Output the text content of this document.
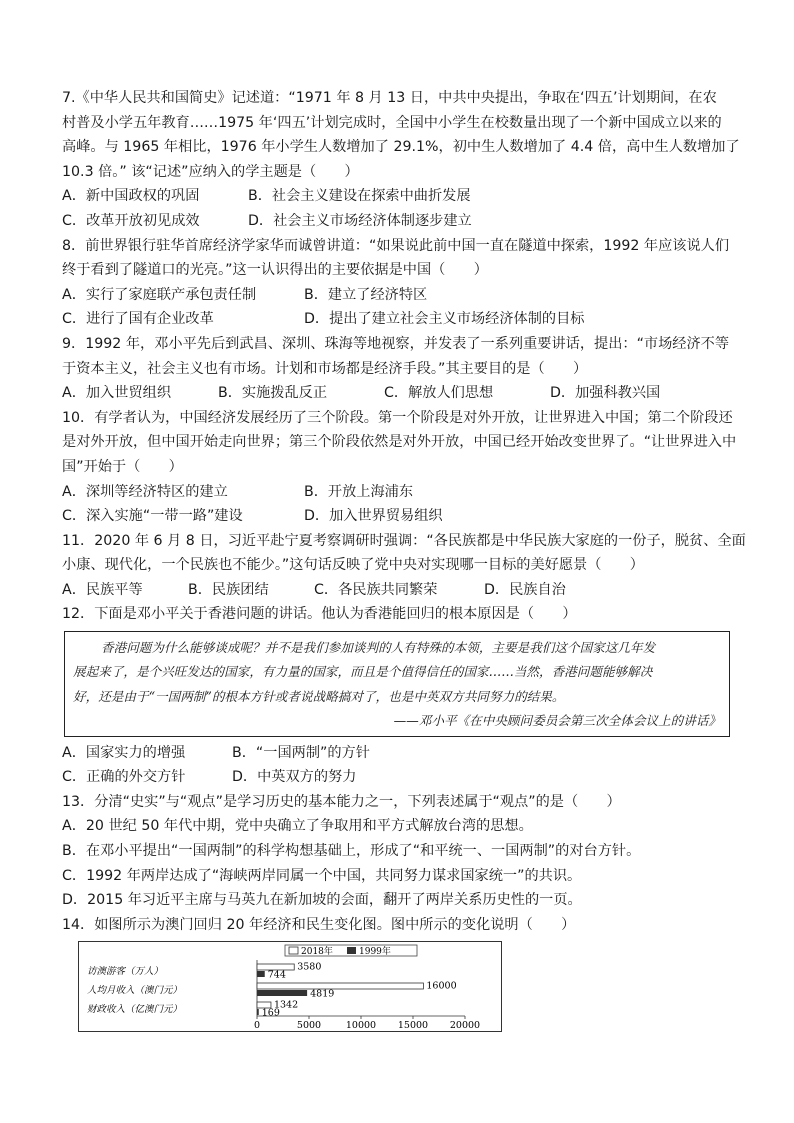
7.《中华人民共和国简史》记述道：“1971 年 8 月 13 日，中共中央提出，争取在‘四五’计划期间，在农
村普及小学五年教育……1975 年‘四五’计划完成时，全国中小学生在校数量出现了一个新中国成立以来的
高峰。与 1965 年相比，1976 年小学生人数增加了 29.1%，初中生人数增加了 4.4 倍，高中生人数增加了
10.3 倍。” 该“记述”应纳入的学主题是（　　）
A．新中国政权的巩固	B．社会主义建设在探索中曲折发展
C．改革开放初见成效	D．社会主义市场经济体制逐步建立
8．前世界银行驻华首席经济学家华而诚曾讲道：“如果说此前中国一直在隧道中探索，1992 年应该说人们
终于看到了隧道口的光亮。”这一认识得出的主要依据是中国（　　）
A．实行了家庭联产承包责任制	B．建立了经济特区
C．进行了国有企业改革	D．提出了建立社会主义市场经济体制的目标
9．1992 年，邓小平先后到武昌、深圳、珠海等地视察，并发表了一系列重要讲话，提出：“市场经济不等
于资本主义，社会主义也有市场。计划和市场都是经济手段。”其主要目的是（　　）
A．加入世贸组织	B．实施拨乱反正	C．解放人们思想	D．加强科教兴国
10．有学者认为，中国经济发展经历了三个阶段。第一个阶段是对外开放，让世界进入中国；第二个阶段还
是对外开放，但中国开始走向世界；第三个阶段依然是对外开放，中国已经开始改变世界了。“让世界进入中
国”开始于（　　）
A．深圳等经济特区的建立	B．开放上海浦东
C．深入实施“一带一路”建设	D．加入世界贸易组织
11．2020 年 6 月 8 日，习近平赴宁夏考察调研时强调：“各民族都是中华民族大家庭的一份子，脱贫、全面
小康、现代化，一个民族也不能少。”这句话反映了党中央对实现哪一目标的美好愿景（　　）
A．民族平等	B．民族团结	C．各民族共同繁荣	D．民族自治
12．下面是邓小平关于香港问题的讲话。他认为香港能回归的根本原因是（　　）
香港问题为什么能够谈成呢？并不是我们参加谈判的人有特殊的本领，主要是我们这个国家这几年发
展起来了，是个兴旺发达的国家，有力量的国家，而且是个值得信任的国家……当然，香港问题能够解决
好，还是由于“一国两制”的根本方针或者说战略搞对了，也是中英双方共同努力的结果。
——邓小平《在中央顾问委员会第三次全体会议上的讲话》
A．国家实力的增强	B．“一国两制”的方针
C．正确的外交方针	D．中英双方的努力
13．分清“史实”与“观点”是学习历史的基本能力之一，下列表述属于“观点”的是（　　）
A．20 世纪 50 年代中期，党中央确立了争取用和平方式解放台湾的思想。
B．在邓小平提出“一国两制”的科学构想基础上，形成了“和平统一、一国两制”的对台方针。
C．1992 年两岸达成了“海峡两岸同属一个中国，共同努力谋求国家统一”的共识。
D．2015 年习近平主席与马英九在新加坡的会面，翻开了两岸关系历史性的一页。
14．如图所示为澳门回归 20 年经济和民生变化图。图中所示的变化说明（　　）
2018年	1999年
访澳游客（万人）	3580
744
人均月收入（澳门元）	16000
4819
财政收入（亿澳门元）	1342
169
0	5000	10000 15000 20000
